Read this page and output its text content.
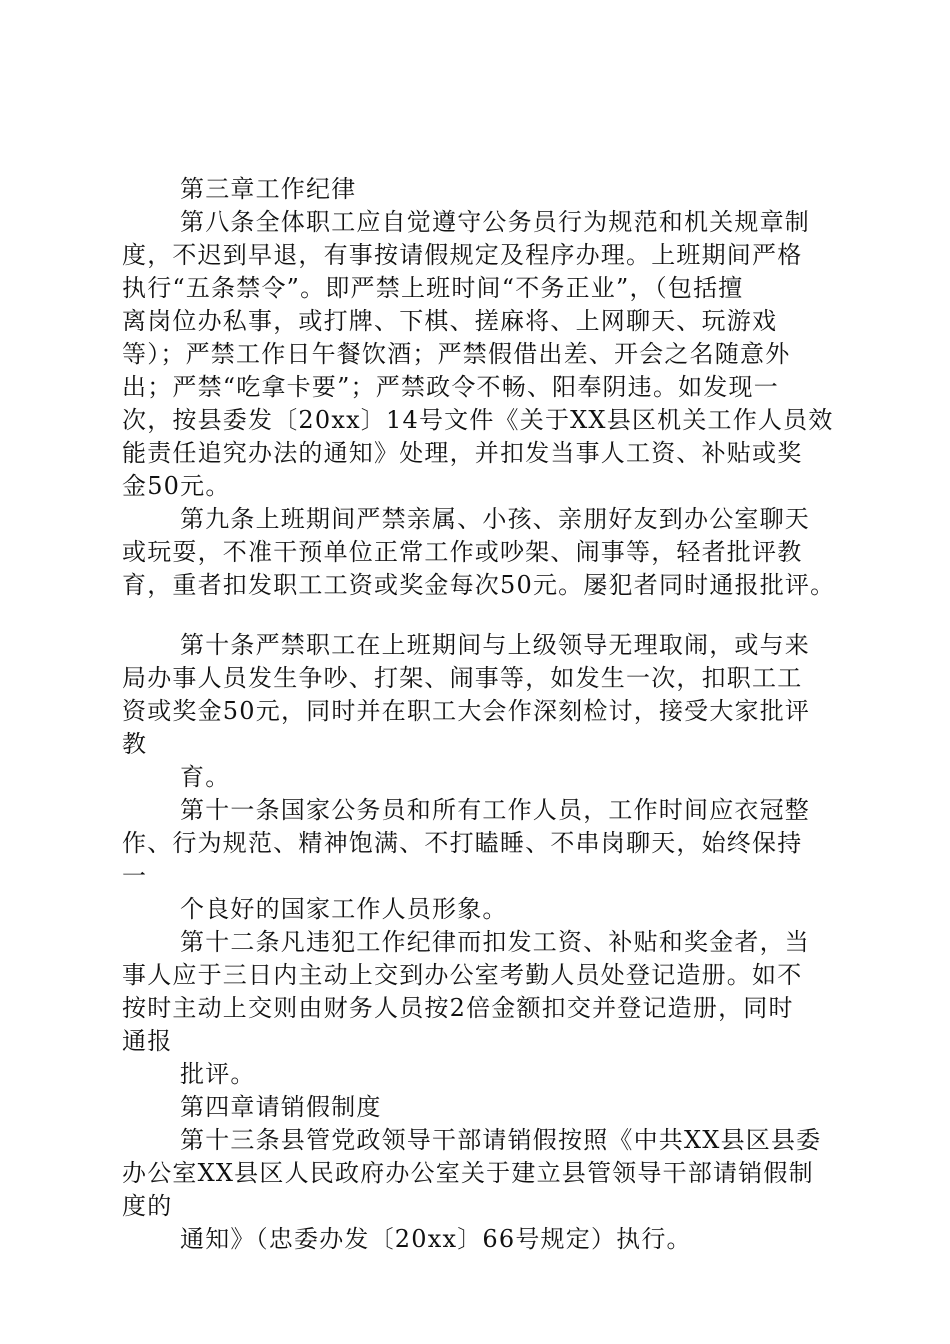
第三章工作纪律
第八条全体职工应自觉遵守公务员行为规范和机关规章制
度，不迟到早退，有事按请假规定及程序办理。上班期间严格
执行“五条禁令”。即严禁上班时间“不务正业”，（包括擅
离岗位办私事，或打牌、下棋、搓麻将、上网聊天、玩游戏
等）；严禁工作日午餐饮酒；严禁假借出差、开会之名随意外
出；严禁“吃拿卡要”；严禁政令不畅、阳奉阴违。如发现一
次，按县委发〔20xx〕14号文件《关于XX县区机关工作人员效
能责任追究办法的通知》处理，并扣发当事人工资、补贴或奖
金50元。
第九条上班期间严禁亲属、小孩、亲朋好友到办公室聊天
或玩耍，不准干预单位正常工作或吵架、闹事等，轻者批评教
育，重者扣发职工工资或奖金每次50元。屡犯者同时通报批评。
第十条严禁职工在上班期间与上级领导无理取闹，或与来
局办事人员发生争吵、打架、闹事等，如发生一次，扣职工工
资或奖金50元，同时并在职工大会作深刻检讨，接受大家批评
教
育。
第十一条国家公务员和所有工作人员，工作时间应衣冠整
作、行为规范、精神饱满、不打瞌睡、不串岗聊天，始终保持
一
个良好的国家工作人员形象。
第十二条凡违犯工作纪律而扣发工资、补贴和奖金者，当
事人应于三日内主动上交到办公室考勤人员处登记造册。如不
按时主动上交则由财务人员按2倍金额扣交并登记造册，同时
通报
批评。
第四章请销假制度
第十三条县管党政领导干部请销假按照《中共XX县区县委
办公室XX县区人民政府办公室关于建立县管领导干部请销假制
度的
通知》（忠委办发〔20xx〕66号规定）执行。
